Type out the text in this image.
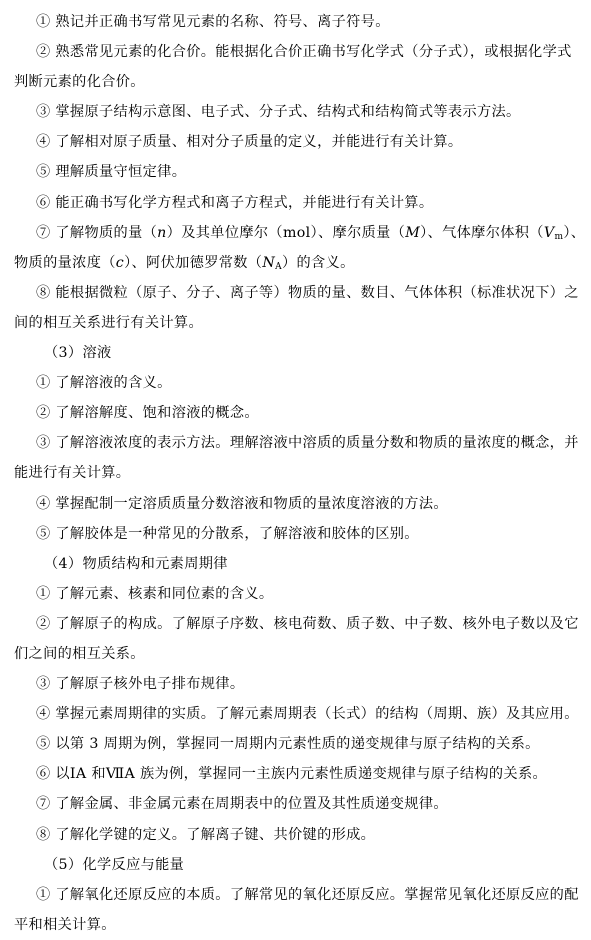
① 熟记并正确书写常见元素的名称、符号、离子符号。
② 熟悉常见元素的化合价。能根据化合价正确书写化学式（分子式），或根据化学式
判断元素的化合价。
③ 掌握原子结构示意图、电子式、分子式、结构式和结构简式等表示方法。
④ 了解相对原子质量、相对分子质量的定义，并能进行有关计算。
⑤ 理解质量守恒定律。
⑥ 能正确书写化学方程式和离子方程式，并能进行有关计算。
⑦ 了解物质的量（n）及其单位摩尔（mol）、摩尔质量（M）、气体摩尔体积$(V_m)$、
物质的量浓度（c）、阿伏加德罗常数$(N_A)$的含义。
⑧ 能根据微粒（原子、分子、离子等）物质的量、数目、气体体积（标准状况下）之
间的相互关系进行有关计算。
（3）溶液
① 了解溶液的含义。
② 了解溶解度、饱和溶液的概念。
③ 了解溶液浓度的表示方法。理解溶液中溶质的质量分数和物质的量浓度的概念，并
能进行有关计算。
④ 掌握配制一定溶质质量分数溶液和物质的量浓度溶液的方法。
⑤ 了解胶体是一种常见的分散系，了解溶液和胶体的区别。
（4）物质结构和元素周期律
① 了解元素、核素和同位素的含义。
② 了解原子的构成。了解原子序数、核电荷数、质子数、中子数、核外电子数以及它
们之间的相互关系。
③ 了解原子核外电子排布规律。
④ 掌握元素周期律的实质。了解元素周期表（长式）的结构（周期、族）及其应用。
⑤ 以第 3 周期为例，掌握同一周期内元素性质的递变规律与原子结构的关系。
⑥ 以ⅠA 和ⅦA 族为例，掌握同一主族内元素性质递变规律与原子结构的关系。
⑦ 了解金属、非金属元素在周期表中的位置及其性质递变规律。
⑧ 了解化学键的定义。了解离子键、共价键的形成。
（5）化学反应与能量
① 了解氧化还原反应的本质。了解常见的氧化还原反应。掌握常见氧化还原反应的配
平和相关计算。
